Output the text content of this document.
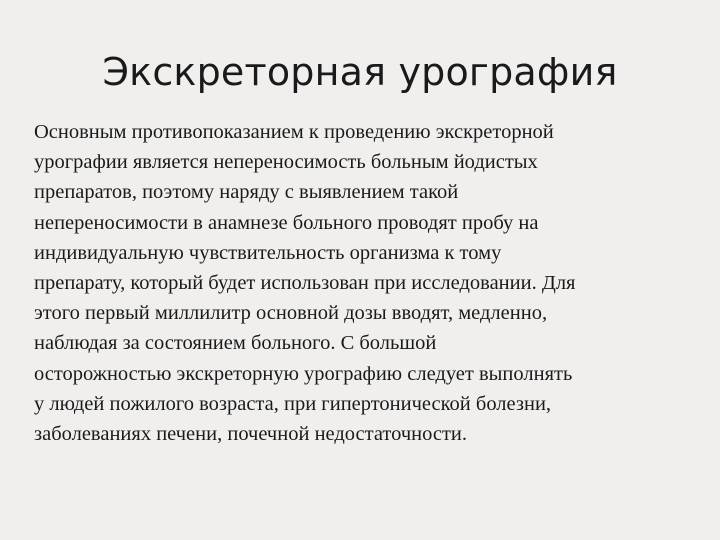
Экскреторная урография
Основным противопоказанием к проведению экскреторной
урографии является непереносимость больным йодистых
препаратов, поэтому наряду с выявлением такой
непереносимости в анамнезе больного проводят пробу на
индивидуальную чувствительность организма к тому
препарату, который будет использован при исследовании. Для
этого первый миллилитр основной дозы вводят, медленно,
наблюдая за состоянием больного. С большой
осторожностью экскреторную урографию следует выполнять
у людей пожилого возраста, при гипертонической болезни,
заболеваниях печени, почечной недостаточности.
